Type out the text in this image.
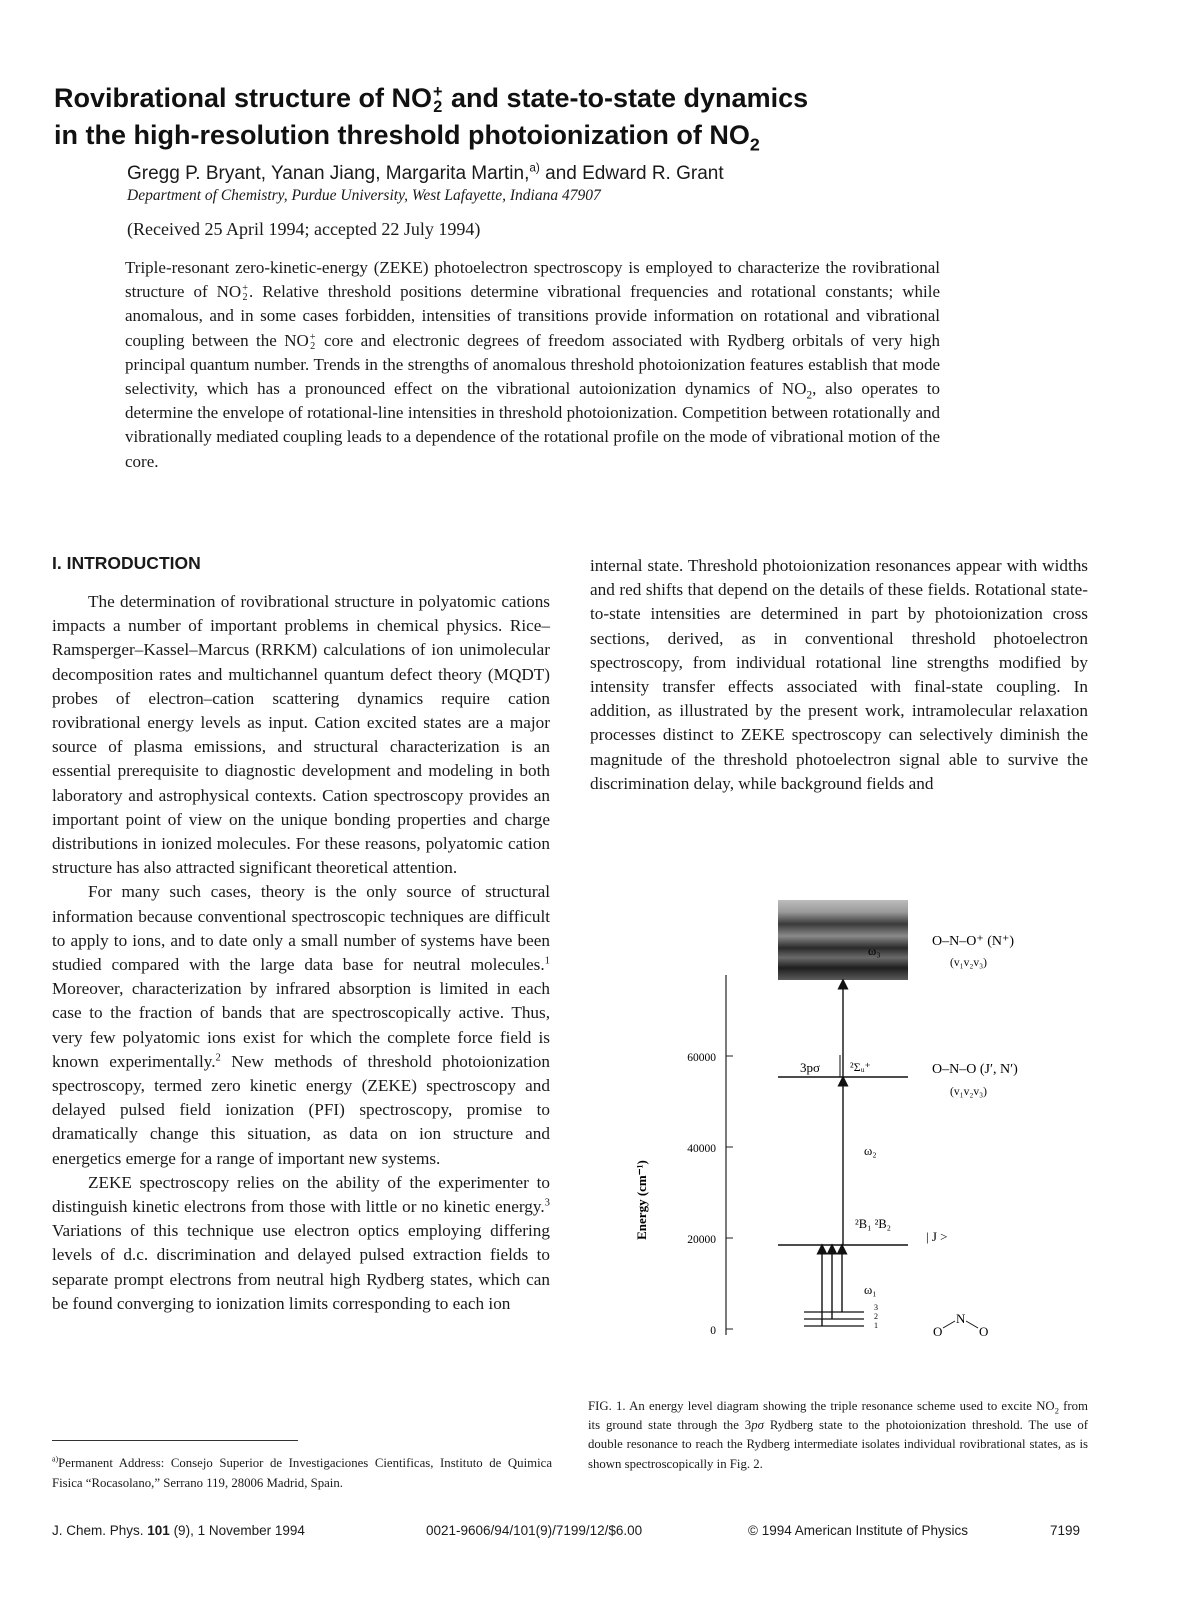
Rovibrational structure of NO+
2 and state-to-state dynamics
in the high-resolution threshold photoionization of $NO_2$
Gregg P. Bryant, Yanan Jiang, Margarita Martin,$^{a)}$ and Edward R. Grant
Department of Chemistry, Purdue University, West Lafayette, Indiana 47907
(Received 25 April 1994; accepted 22 July 1994)

Triple-resonant zero-kinetic-energy (ZEKE) photoelectron spectroscopy is employed to characterize the rovibrational structure of NO+
2. Relative threshold positions determine vibrational frequencies and rotational constants; while anomalous, and in some cases forbidden, intensities of transitions provide information on rotational and vibrational coupling between the NO+
2 core and electronic degrees of freedom associated with Rydberg orbitals of very high principal quantum number. Trends in the strengths of anomalous threshold photoionization features establish that mode selectivity, which has a pronounced effect on the vibrational autoionization dynamics of $NO_2$, also operates to determine the envelope of rotational-line intensities in threshold photoionization. Competition between rotationally and vibrationally mediated coupling leads to a dependence of the rotational profile on the mode of vibrational motion of the core.

I. INTRODUCTION

The determination of rovibrational structure in polyatomic cations impacts a number of important problems in chemical physics. Rice–Ramsperger–Kassel–Marcus (RRKM) calculations of ion unimolecular decomposition rates and multichannel quantum defect theory (MQDT) probes of electron–cation scattering dynamics require cation rovibrational energy levels as input. Cation excited states are a major source of plasma emissions, and structural characterization is an essential prerequisite to diagnostic development and modeling in both laboratory and astrophysical contexts. Cation spectroscopy provides an important point of view on the unique bonding properties and charge distributions in ionized molecules. For these reasons, polyatomic cation structure has also attracted significant theoretical attention.

For many such cases, theory is the only source of structural information because conventional spectroscopic techniques are difficult to apply to ions, and to date only a small number of systems have been studied compared with the large data base for neutral molecules.$^1$ Moreover, characterization by infrared absorption is limited in each case to the fraction of bands that are spectroscopically active. Thus, very few polyatomic ions exist for which the complete force field is known experimentally.$^2$ New methods of threshold photoionization spectroscopy, termed zero kinetic energy (ZEKE) spectroscopy and delayed pulsed field ionization (PFI) spectroscopy, promise to dramatically change this situation, as data on ion structure and energetics emerge for a range of important new systems.

ZEKE spectroscopy relies on the ability of the experimenter to distinguish kinetic electrons from those with little or no kinetic energy.$^3$ Variations of this technique use electron optics employing differing levels of d.c. discrimination and delayed pulsed extraction fields to separate prompt electrons from neutral high Rydberg states, which can be found converging to ionization limits corresponding to each ion

internal state. Threshold photoionization resonances appear with widths and red shifts that depend on the details of these fields. Rotational state-to-state intensities are determined in part by photoionization cross sections, derived, as in conventional threshold photoelectron spectroscopy, from individual rotational line strengths modified by intensity transfer effects associated with final-state coupling. In addition, as illustrated by the present work, intramolecular relaxation processes distinct to ZEKE spectroscopy can selectively diminish the magnitude of the threshold photoelectron signal able to survive the discrimination delay, while background fields and

60000
40000
20000
0
Energy (cm⁻¹)
3pσ ²Σᵤ⁺
²B₁ ²B₂
ω₃
ω₂
ω₁
3
2
1
O–N–O⁺ (N⁺)
(v₁v₂v₃)
O–N–O (J′, N′)
(v₁v₂v₃)
| J >
O
N
O

FIG. 1. An energy level diagram showing the triple resonance scheme used to excite $NO_2$ from its ground state through the 3pσ Rydberg state to the photoionization threshold. The use of double resonance to reach the Rydberg intermediate isolates individual rovibrational states, as is shown spectroscopically in Fig. 2.

$^{a)}$Permanent Address: Consejo Superior de Investigaciones Cientificas, Instituto de Quimica Fisica “Rocasolano,” Serrano 119, 28006 Madrid, Spain.

J. Chem. Phys. 101 (9), 1 November 1994	0021-9606/94/101(9)/7199/12/$6.00	© 1994 American Institute of Physics	7199
